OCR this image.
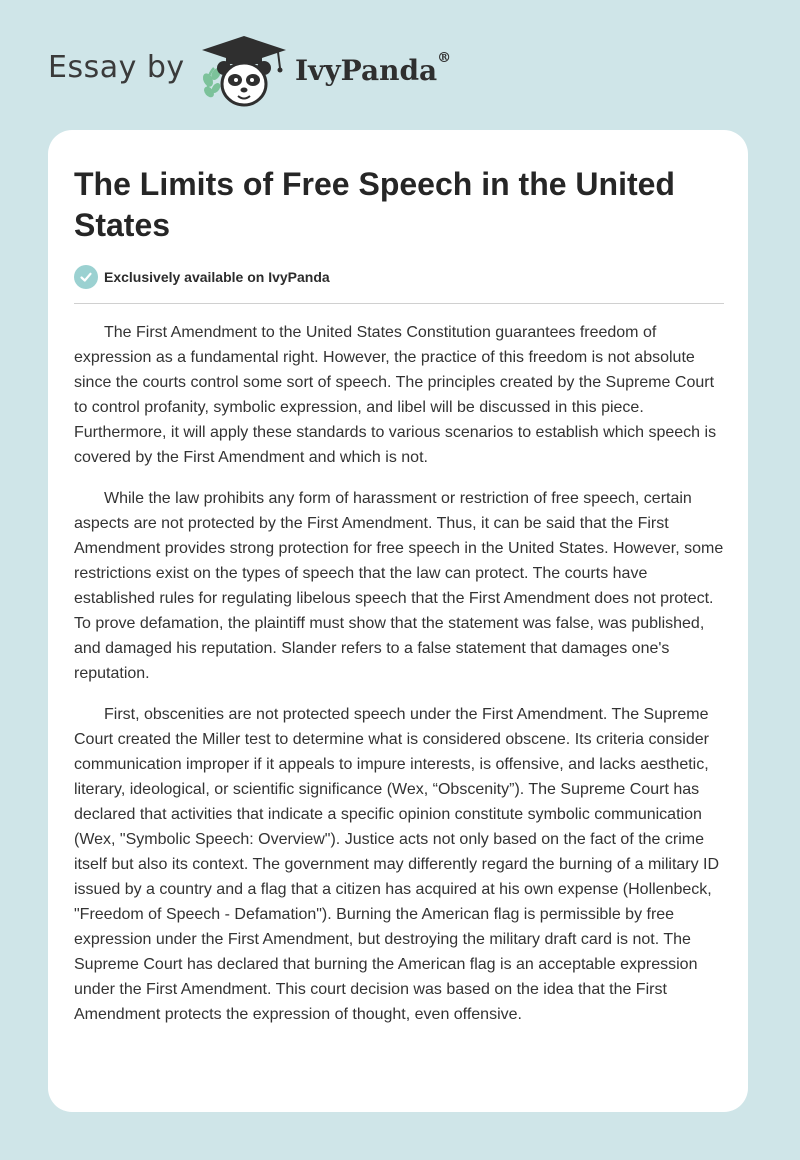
Essay by	IvyPanda®
The Limits of Free Speech in the United States
Exclusively available on IvyPanda

The First Amendment to the United States Constitution guarantees freedom of expression as a fundamental right. However, the practice of this freedom is not absolute since the courts control some sort of speech. The principles created by the Supreme Court to control profanity, symbolic expression, and libel will be discussed in this piece. Furthermore, it will apply these standards to various scenarios to establish which speech is covered by the First Amendment and which is not.

While the law prohibits any form of harassment or restriction of free speech, certain aspects are not protected by the First Amendment. Thus, it can be said that the First Amendment provides strong protection for free speech in the United States. However, some restrictions exist on the types of speech that the law can protect. The courts have established rules for regulating libelous speech that the First Amendment does not protect. To prove defamation, the plaintiff must show that the statement was false, was published, and damaged his reputation. Slander refers to a false statement that damages one's reputation.

First, obscenities are not protected speech under the First Amendment. The Supreme Court created the Miller test to determine what is considered obscene. Its criteria consider communication improper if it appeals to impure interests, is offensive, and lacks aesthetic, literary, ideological, or scientific significance (Wex, “Obscenity”). The Supreme Court has declared that activities that indicate a specific opinion constitute symbolic communication (Wex, "Symbolic Speech: Overview"). Justice acts not only based on the fact of the crime itself but also its context. The government may differently regard the burning of a military ID issued by a country and a flag that a citizen has acquired at his own expense (Hollenbeck, "Freedom of Speech - Defamation"). Burning the American flag is permissible by free expression under the First Amendment, but destroying the military draft card is not. The Supreme Court has declared that burning the American flag is an acceptable expression under the First Amendment. This court decision was based on the idea that the First Amendment protects the expression of thought, even offensive.
